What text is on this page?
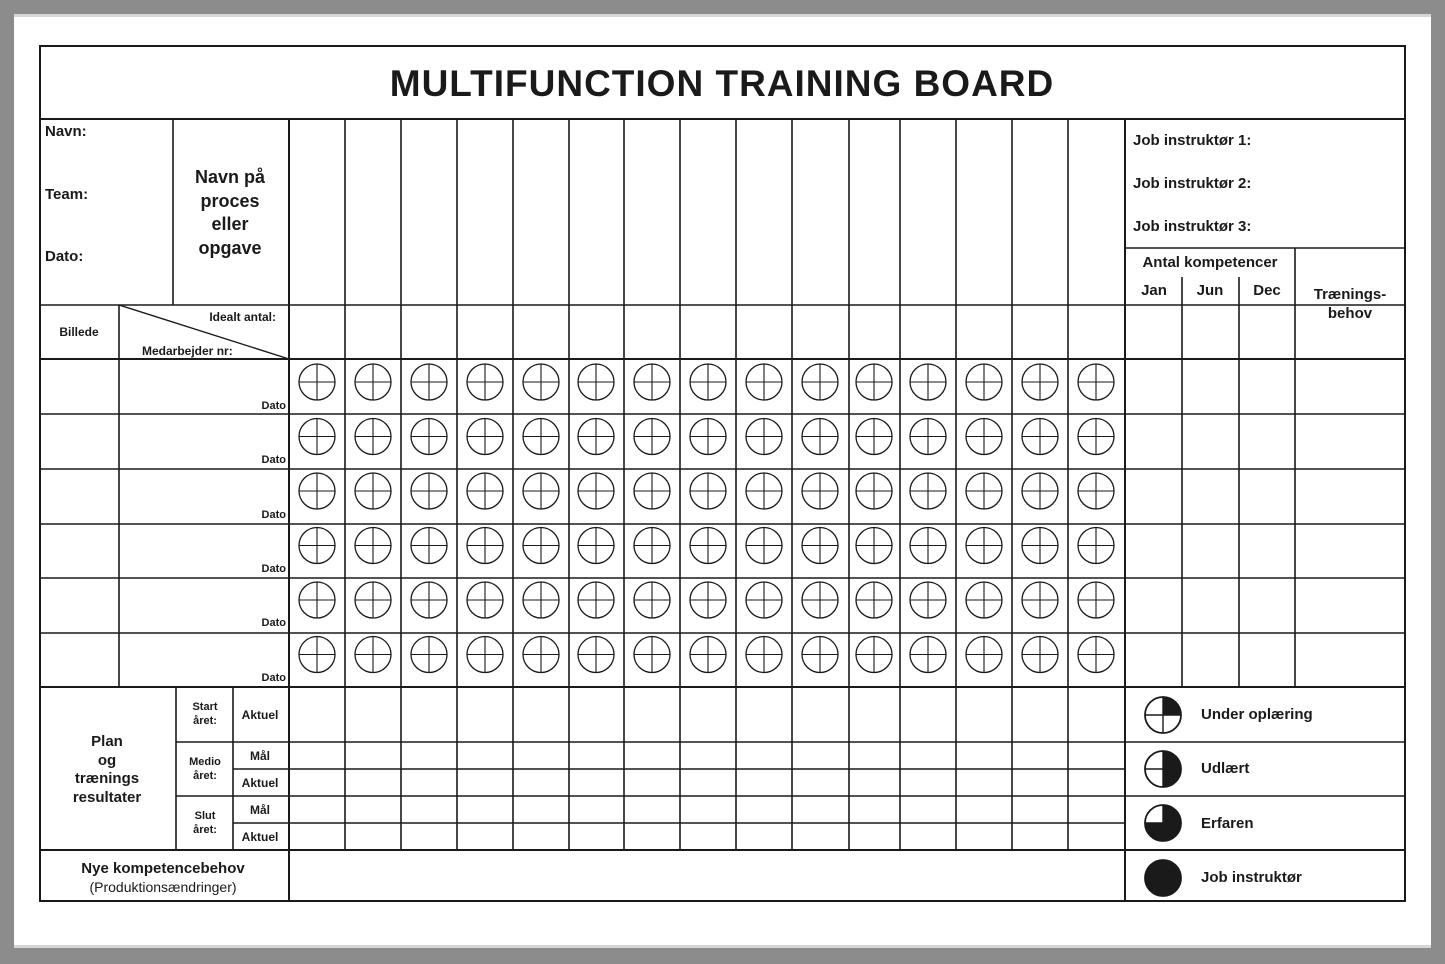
MULTIFUNCTION TRAINING BOARD
Navn:
Team:
Dato:
Navn på
proces
eller
opgave
Job instruktør 1:
Job instruktør 2:
Job instruktør 3:
Antal kompetencer
Jan Jun Dec Trænings-
behov
Billede
Idealt antal:
Medarbejder nr:
Dato
Dato
Dato
Dato
Dato
Dato
Plan
og
trænings
resultater
Start
året:
Medio
året:
Slut
året:
Aktuel
Mål
Aktuel
Mål
Aktuel
Nye kompetencebehov
(Produktionsændringer)
Under oplæring
Udlært
Erfaren
Job instruktør
